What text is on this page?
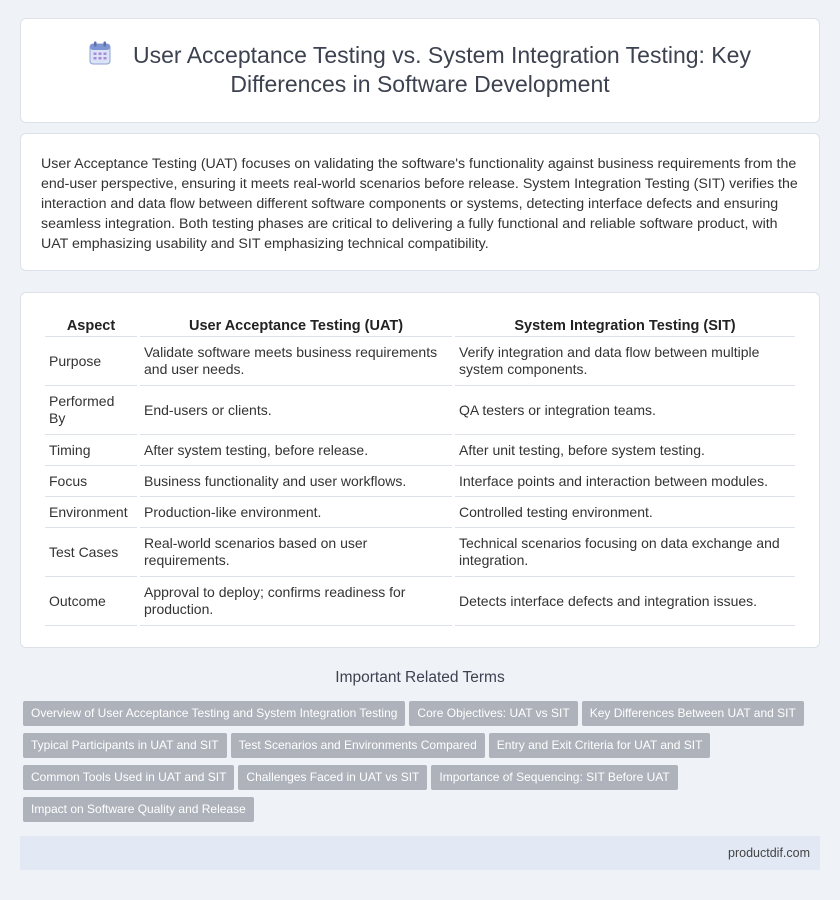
User Acceptance Testing vs. System Integration Testing: Key
Differences in Software Development

User Acceptance Testing (UAT) focuses on validating the software's functionality against business requirements from the end-user perspective, ensuring it meets real-world scenarios before release. System Integration Testing (SIT) verifies the interaction and data flow between different software components or systems, detecting interface defects and ensuring seamless integration. Both testing phases are critical to delivering a fully functional and reliable software product, with UAT emphasizing usability and SIT emphasizing technical compatibility.

Aspect	User Acceptance Testing (UAT)	System Integration Testing (SIT)
Purpose	Validate software meets business requirements and user needs.	Verify integration and data flow between multiple system components.
Performed By	End-users or clients.	QA testers or integration teams.
Timing	After system testing, before release.	After unit testing, before system testing.
Focus	Business functionality and user workflows.	Interface points and interaction between modules.
Environment	Production-like environment.	Controlled testing environment.
Test Cases	Real-world scenarios based on user requirements.	Technical scenarios focusing on data exchange and integration.
Outcome	Approval to deploy; confirms readiness for production.	Detects interface defects and integration issues.
Important Related Terms
Overview of User Acceptance Testing and System Integration Testing Core Objectives: UAT vs SIT Key Differences Between UAT and SIT
Typical Participants in UAT and SIT Test Scenarios and Environments Compared Entry and Exit Criteria for UAT and SIT
Common Tools Used in UAT and SIT Challenges Faced in UAT vs SIT Importance of Sequencing: SIT Before UAT
Impact on Software Quality and Release
productdif.com
